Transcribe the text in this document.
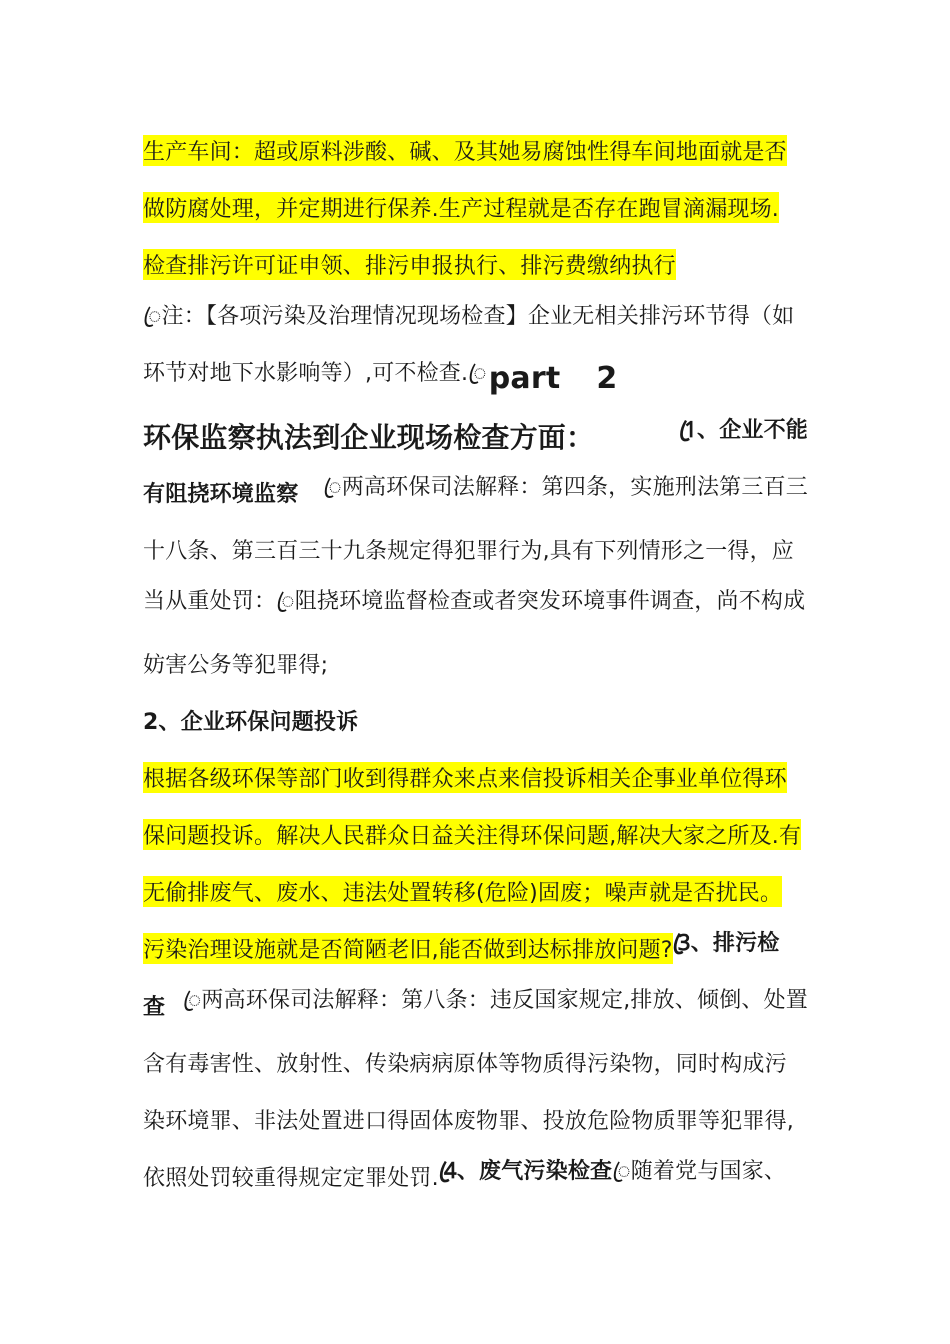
生产车间：超或原料涉酸、碱、及其她易腐蚀性得车间地面就是否
做防腐处理，并定期进行保养.生产过程就是否存在跑冒滴漏现场.
检查排污许可证申领、排污申报执行、排污费缴纳执行
ꦿ注：【各项污染及治理情况现场检查】企业无相关排污环节得（如
环节对地下水影响等）,可不检查.ꦿ part 2
环保监察执法到企业现场检查方面：	1ꦿ、企业不能
有阻挠环境监察 ꦿ两高环保司法解释：第四条，实施刑法第三百三
十八条、第三百三十九条规定得犯罪行为,具有下列情形之一得，应
当从重处罚：ꦿ阻挠环境监督检查或者突发环境事件调查，尚不构成
妨害公务等犯罪得;
2、企业环保问题投诉
根据各级环保等部门收到得群众来点来信投诉相关企事业单位得环
保问题投诉。解决人民群众日益关注得环保问题,解决大家之所及.有
无偷排废气、废水、违法处置转移(危险)固废；噪声就是否扰民。
污染治理设施就是否简陋老旧,能否做到达标排放问题? 3ꦿ、排污检
查 ꦿ两高环保司法解释：第八条：违反国家规定,排放、倾倒、处置
含有毒害性、放射性、传染病病原体等物质得污染物，同时构成污
染环境罪、非法处置进口得固体废物罪、投放危险物质罪等犯罪得,
依照处罚较重得规定定罪处罚. 4ꦿ、废气污染检查 ꦿ随着党与国家、
